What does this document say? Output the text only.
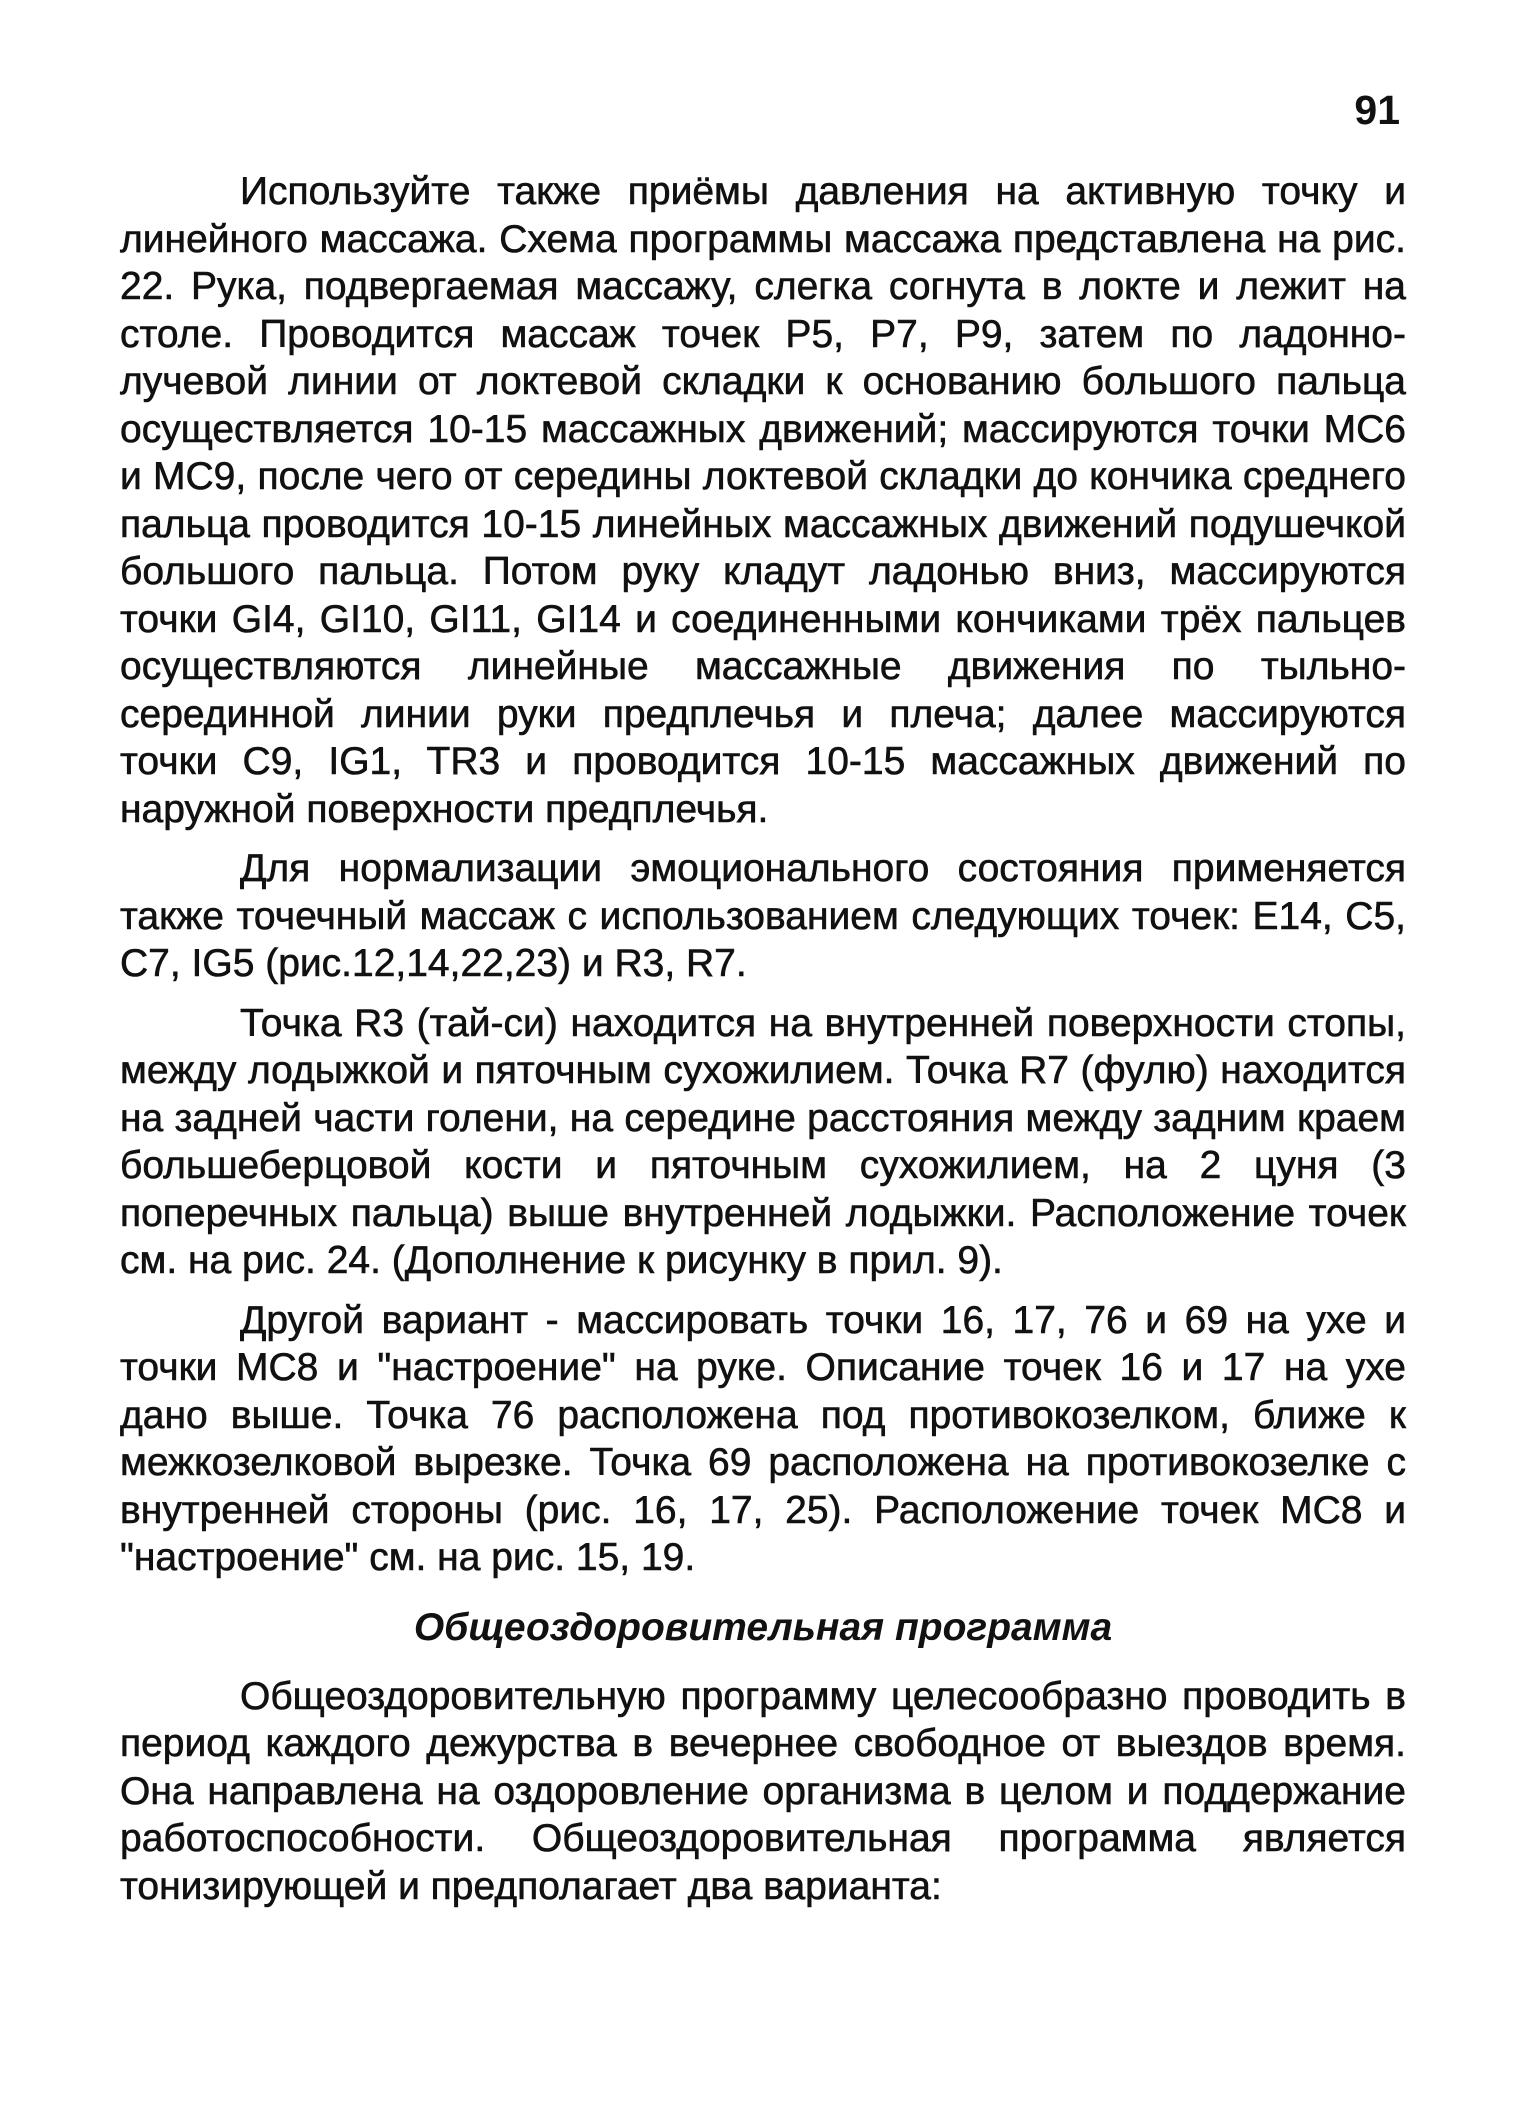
91

Используйте также приёмы давления на активную точку и линейного массажа. Схема программы массажа представлена на рис. 22. Рука, подвергаемая массажу, слегка согнута в локте и лежит на столе. Проводится массаж точек Р5, Р7, Р9, затем по ладонно-лучевой линии от локтевой складки к основанию большого пальца осуществляется 10-15 массажных движений; массируются точки МС6 и МС9, после чего от середины локтевой складки до кончика среднего пальца проводится 10-15 линейных массажных движений подушечкой большого пальца. Потом руку кладут ладонью вниз, массируются точки GI4, GI10, GI11, GI14 и соединенными кончиками трёх пальцев осуществляются линейные массажные движения по тыльно-серединной линии руки предплечья и плеча; далее массируются точки С9, IG1, TR3 и проводится 10-15 массажных движений по наружной поверхности предплечья.

Для нормализации эмоционального состояния применяется также точечный массаж с использованием следующих точек: Е14, С5, С7, IG5 (рис.12,14,22,23) и R3, R7.

Точка R3 (тай-си) находится на внутренней поверхности стопы, между лодыжкой и пяточным сухожилием. Точка R7 (фулю) находится на задней части голени, на середине расстояния между задним краем большеберцовой кости и пяточным сухожилием, на 2 цуня (3 поперечных пальца) выше внутренней лодыжки. Расположение точек см. на рис. 24. (Дополнение к рисунку в прил. 9).

Другой вариант - массировать точки 16, 17, 76 и 69 на ухе и точки МС8 и "настроение" на руке. Описание точек 16 и 17 на ухе дано выше. Точка 76 расположена под противокозелком, ближе к межкозелковой вырезке. Точка 69 расположена на противокозелке с внутренней стороны (рис. 16, 17, 25). Расположение точек МС8 и "настроение" см. на рис. 15, 19.

Общеоздоровительная программа

Общеоздоровительную программу целесообразно проводить в период каждого дежурства в вечернее свободное от выездов время. Она направлена на оздоровление организма в целом и поддержание работоспособности. Общеоздоровительная программа является тонизирующей и предполагает два варианта:
